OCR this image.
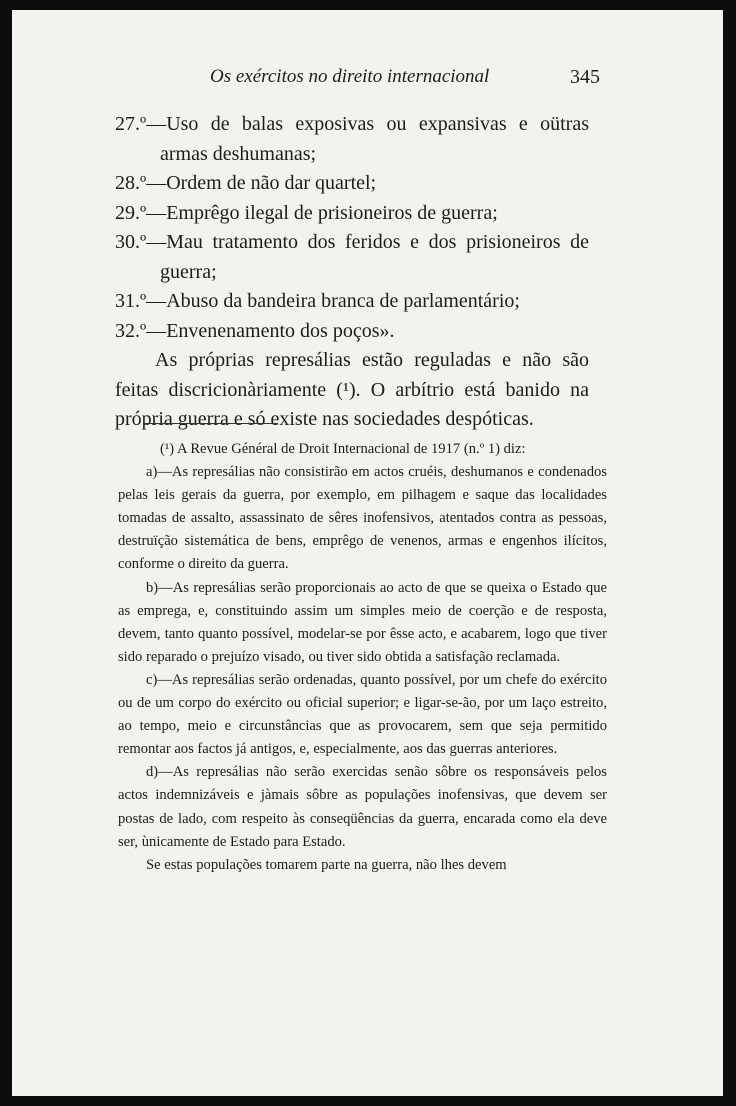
Os exércitos no direito internacional	345

27.º—Uso de balas exposivas ou expansivas e oütras armas deshumanas;

28.º—Ordem de não dar quartel;

29.º—Emprêgo ilegal de prisioneiros de guerra;

30.º—Mau tratamento dos feridos e dos prisioneiros de guerra;

31.º—Abuso da bandeira branca de parlamentário;

32.º—Envenenamento dos poços».

As próprias represálias estão reguladas e não são feitas discricionàriamente (¹). O arbítrio está banido na própria guerra e só existe nas sociedades despóticas.

(¹) A Revue Général de Droit Internacional de 1917 (n.º 1) diz:

a)—As represálias não consistirão em actos cruéis, deshumanos e condenados pelas leis gerais da guerra, por exemplo, em pilhagem e saque das localidades tomadas de assalto, assassinato de sêres inofensivos, atentados contra as pessoas, destruïção sistemática de bens, emprêgo de venenos, armas e engenhos ilícitos, conforme o direito da guerra.

b)—As represálias serão proporcionais ao acto de que se queixa o Estado que as emprega, e, constituindo assim um simples meio de coerção e de resposta, devem, tanto quanto possível, modelar-se por êsse acto, e acabarem, logo que tiver sido reparado o prejuízo visado, ou tiver sido obtida a satisfação reclamada.

c)—As represálias serão ordenadas, quanto possível, por um chefe do exército ou de um corpo do exército ou oficial superior; e ligar-se-ão, por um laço estreito, ao tempo, meio e circunstâncias que as provocarem, sem que seja permitido remontar aos factos já antigos, e, especialmente, aos das guerras anteriores.

d)—As represálias não serão exercidas senão sôbre os responsáveis pelos actos indemnizáveis e jàmais sôbre as populações inofensivas, que devem ser postas de lado, com respeito às conseqüências da guerra, encarada como ela deve ser, ùnicamente de Estado para Estado.

Se estas populações tomarem parte na guerra, não lhes devem
